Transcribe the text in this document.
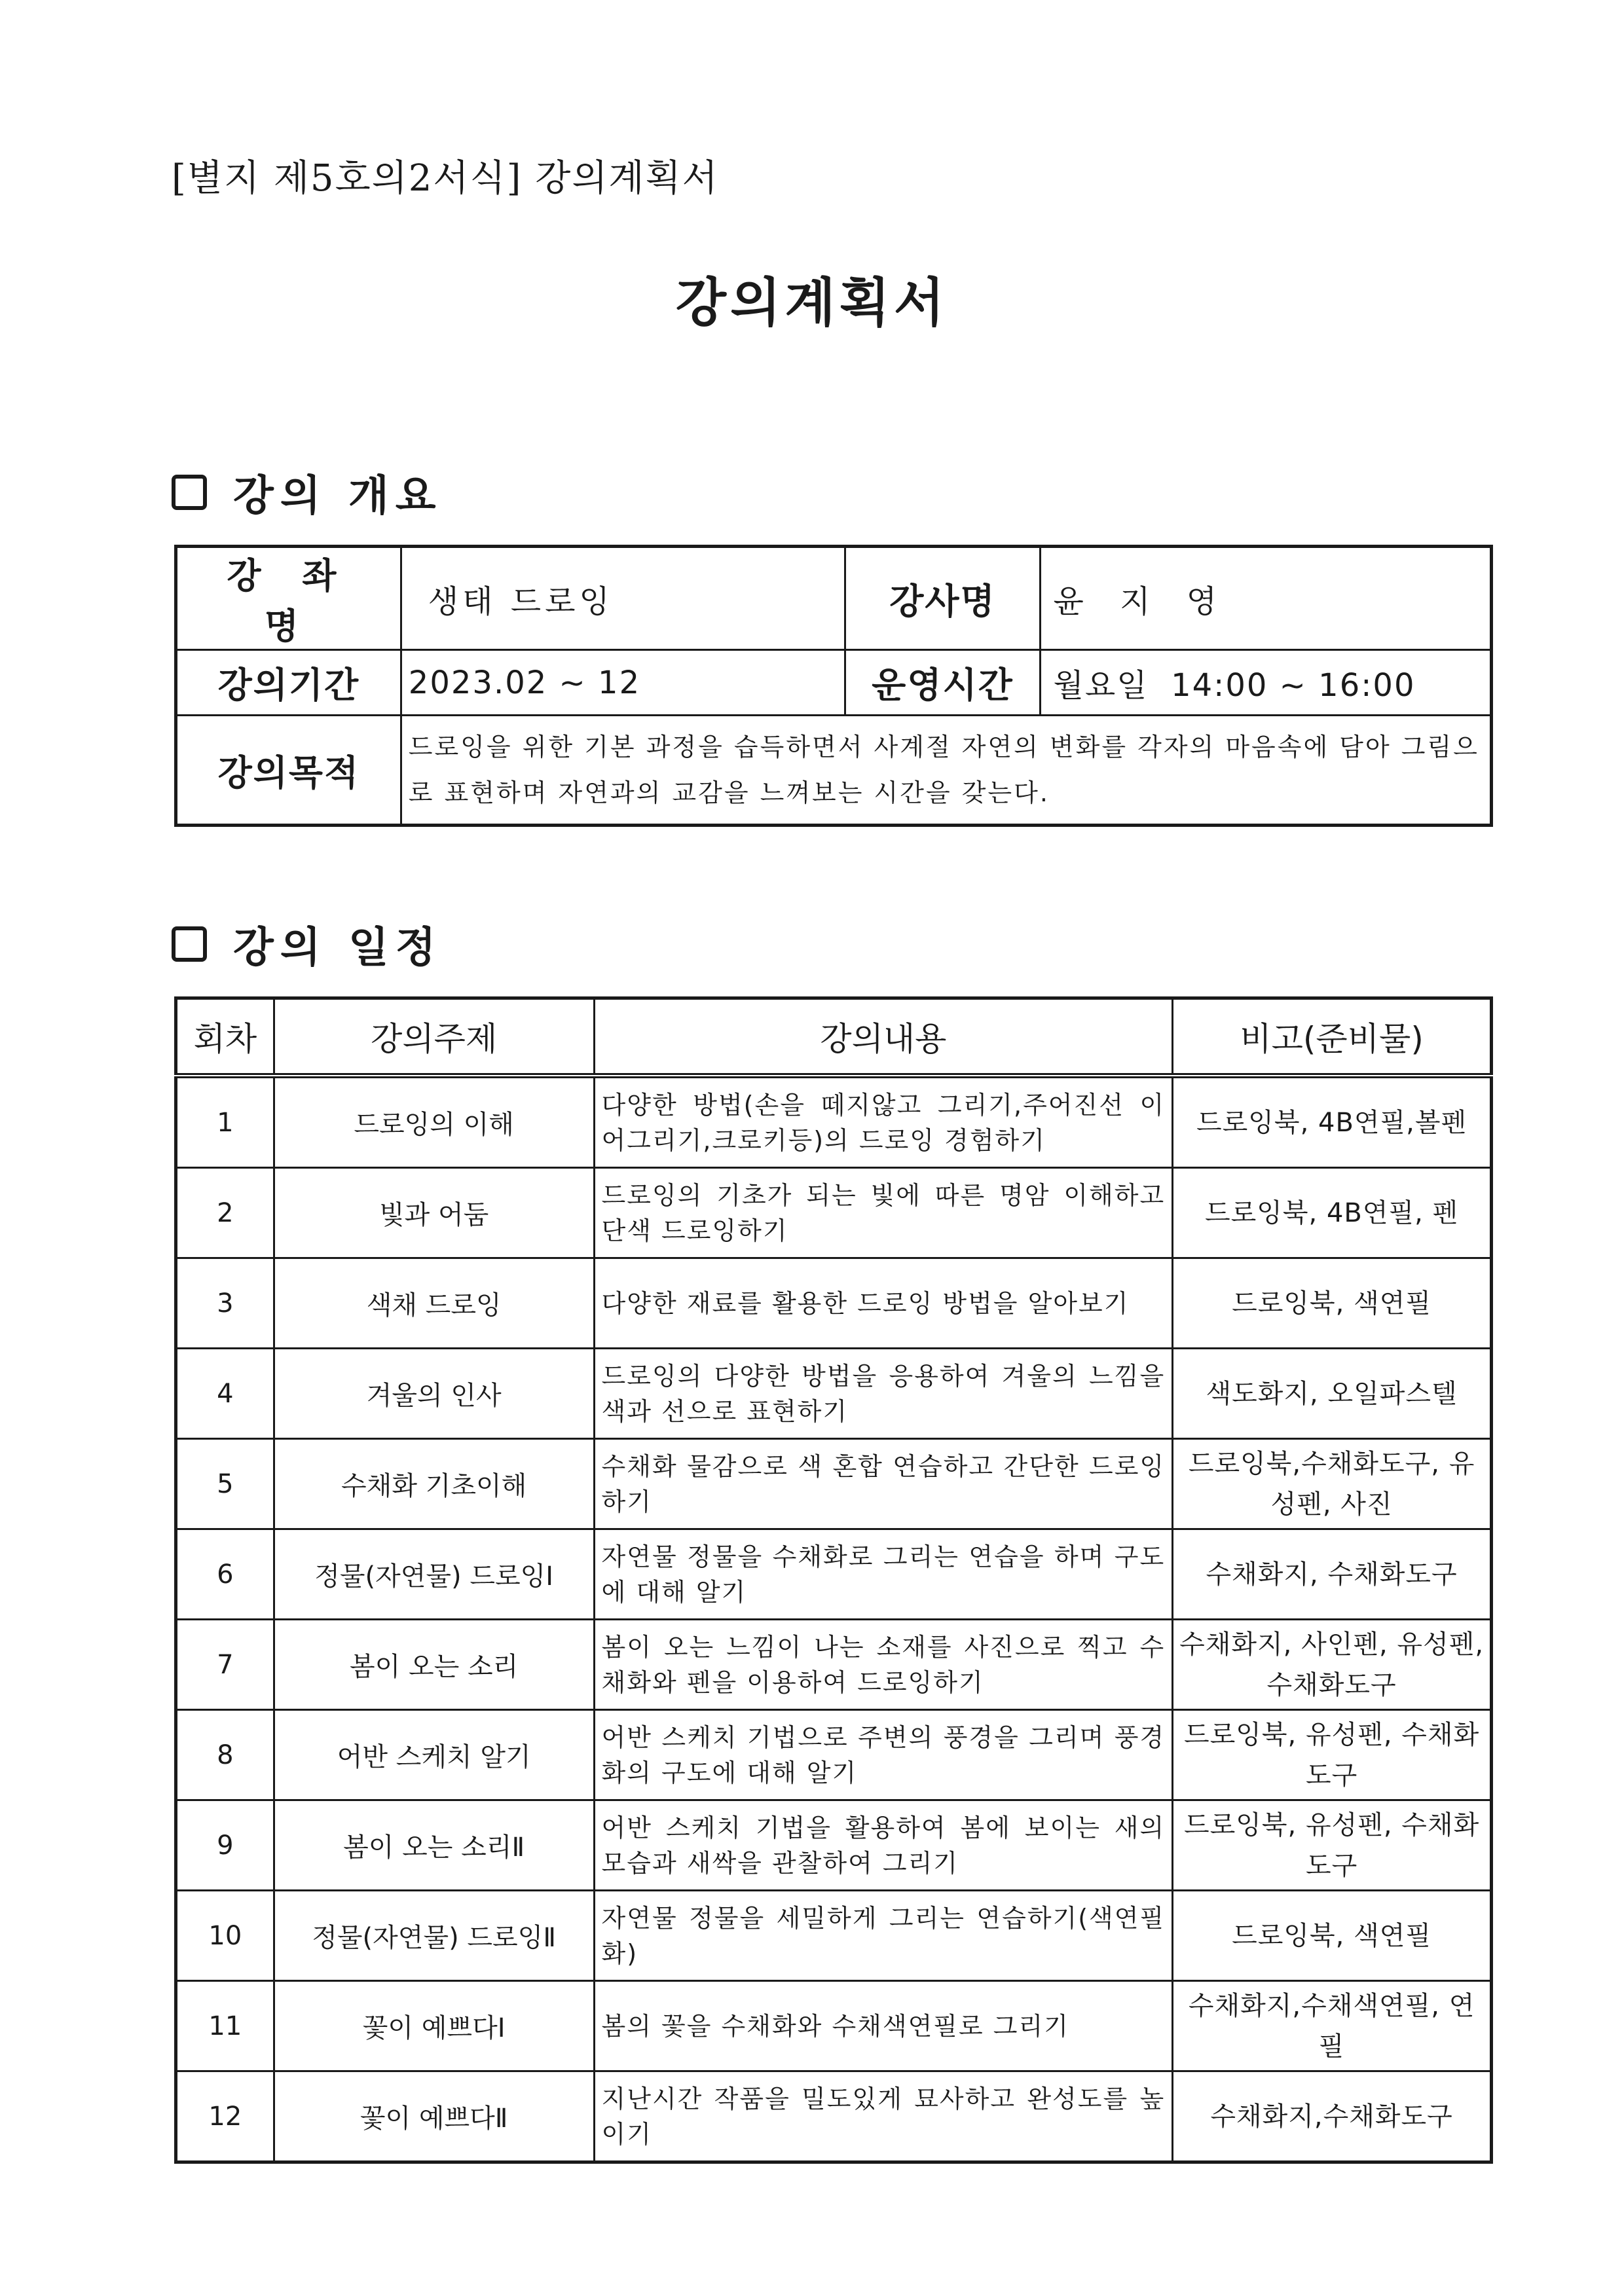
[별지 제5호의2서식] 강의계획서
강의계획서
강의 개요
강 좌 명	생태 드로잉	강사명	윤 지 영
강의기간	2023.02 ~ 12	운영시간	월요일  14:00 ~ 16:00
강의목적	드로잉을 위한 기본 과정을 습득하면서 사계절 자연의 변화를 각자의 마음속에 담아 그림으로 표현하며 자연과의 교감을 느껴보는 시간을 갖는다.		
강의 일정
회차	강의주제	강의내용	비고(준비물)
1	드로잉의 이해	다양한 방법(손을 떼지않고 그리기,주어진선 이어그리기,크로키등)의 드로잉 경험하기	드로잉북, 4B연필,볼펜
2	빛과 어둠	드로잉의 기초가 되는 빛에 따른 명암 이해하고 단색 드로잉하기	드로잉북, 4B연필, 펜
3	색채 드로잉	다양한 재료를 활용한 드로잉 방법을 알아보기	드로잉북, 색연필
4	겨울의 인사	드로잉의 다양한 방법을 응용하여 겨울의 느낌을 색과 선으로 표현하기	색도화지, 오일파스텔
5	수채화 기초이해	수채화 물감으로 색 혼합 연습하고 간단한 드로잉하기	드로잉북,수채화도구, 유성펜, 사진
6	정물(자연물) 드로잉Ⅰ	자연물 정물을 수채화로 그리는 연습을 하며 구도에 대해 알기	수채화지, 수채화도구
7	봄이 오는 소리	봄이 오는 느낌이 나는 소재를 사진으로 찍고 수채화와 펜을 이용하여 드로잉하기	수채화지, 사인펜, 유성펜, 수채화도구
8	어반 스케치 알기	어반 스케치 기법으로 주변의 풍경을 그리며 풍경화의 구도에 대해 알기	드로잉북, 유성펜, 수채화도구
9	봄이 오는 소리Ⅱ	어반 스케치 기법을 활용하여 봄에 보이는 새의 모습과 새싹을 관찰하여 그리기	드로잉북, 유성펜, 수채화도구
10	정물(자연물) 드로잉Ⅱ	자연물 정물을 세밀하게 그리는 연습하기(색연필화)	드로잉북, 색연필
11	꽃이 예쁘다Ⅰ	봄의 꽃을 수채화와 수채색연필로 그리기	수채화지,수채색연필, 연필
12	꽃이 예쁘다Ⅱ	지난시간 작품을 밀도있게 묘사하고 완성도를 높이기	수채화지,수채화도구
